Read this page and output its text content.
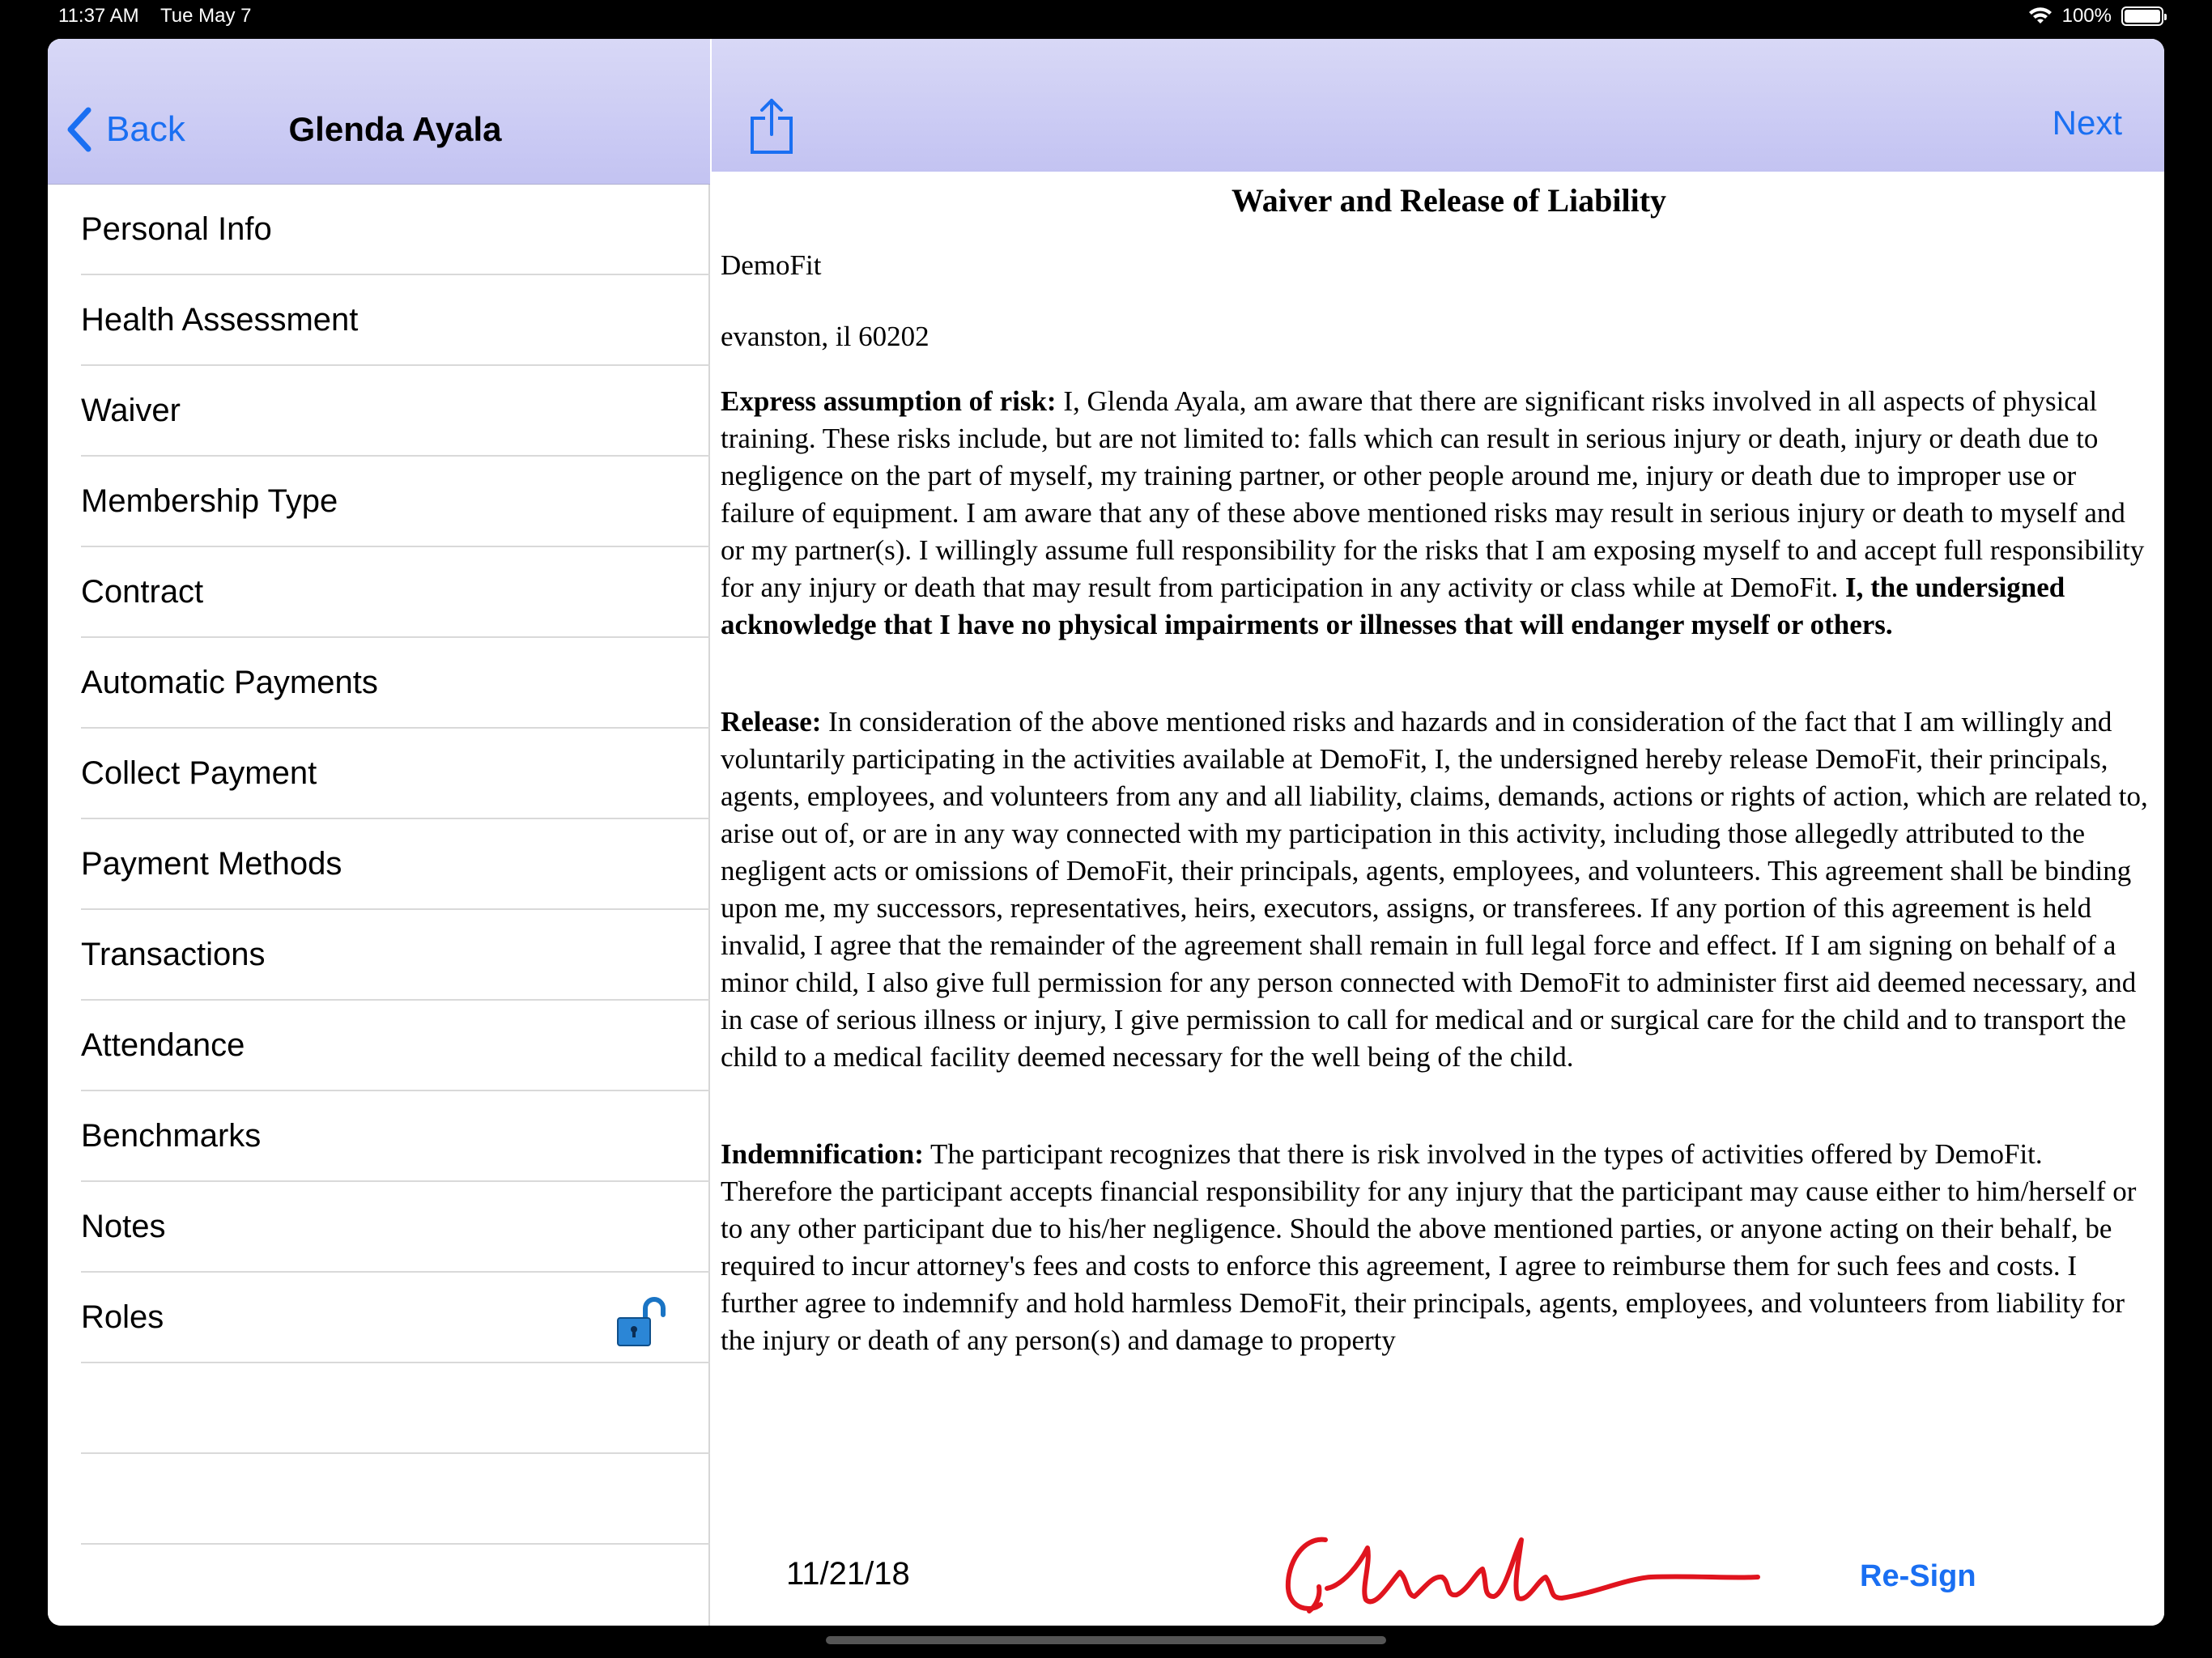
11:37 AM Tue May 7	100%
Back	Glenda Ayala
Personal Info
Health Assessment
Waiver
Membership Type
Contract
Automatic Payments
Collect Payment
Payment Methods
Transactions
Attendance
Benchmarks
Notes
Roles
Next
Waiver and Release of Liability
DemoFit
evanston, il 60202

Express assumption of risk: I, Glenda Ayala, am aware that there are significant risks involved in all aspects of physical training. These risks include, but are not limited to: falls which can result in serious injury or death, injury or death due to negligence on the part of myself, my training partner, or other people around me, injury or death due to improper use or failure of equipment. I am aware that any of these above mentioned risks may result in serious injury or death to myself and or my partner(s). I willingly assume full responsibility for the risks that I am exposing myself to and accept full responsibility for any injury or death that may result from participation in any activity or class while at DemoFit. I, the undersigned acknowledge that I have no physical impairments or illnesses that will endanger myself or others.

Release: In consideration of the above mentioned risks and hazards and in consideration of the fact that I am willingly and voluntarily participating in the activities available at DemoFit, I, the undersigned hereby release DemoFit, their principals, agents, employees, and volunteers from any and all liability, claims, demands, actions or rights of action, which are related to, arise out of, or are in any way connected with my participation in this activity, including those allegedly attributed to the negligent acts or omissions of DemoFit, their principals, agents, employees, and volunteers. This agreement shall be binding upon me, my successors, representatives, heirs, executors, assigns, or transferees. If any portion of this agreement is held invalid, I agree that the remainder of the agreement shall remain in full legal force and effect. If I am signing on behalf of a minor child, I also give full permission for any person connected with DemoFit to administer first aid deemed necessary, and in case of serious illness or injury, I give permission to call for medical and or surgical care for the child and to transport the child to a medical facility deemed necessary for the well being of the child.

Indemnification: The participant recognizes that there is risk involved in the types of activities offered by DemoFit. Therefore the participant accepts financial responsibility for any injury that the participant may cause either to him/herself or to any other participant due to his/her negligence. Should the above mentioned parties, or anyone acting on their behalf, be required to incur attorney's fees and costs to enforce this agreement, I agree to reimburse them for such fees and costs. I further agree to indemnify and hold harmless DemoFit, their principals, agents, employees, and volunteers from liability for the injury or death of any person(s) and damage to property

11/21/18	Re-Sign
